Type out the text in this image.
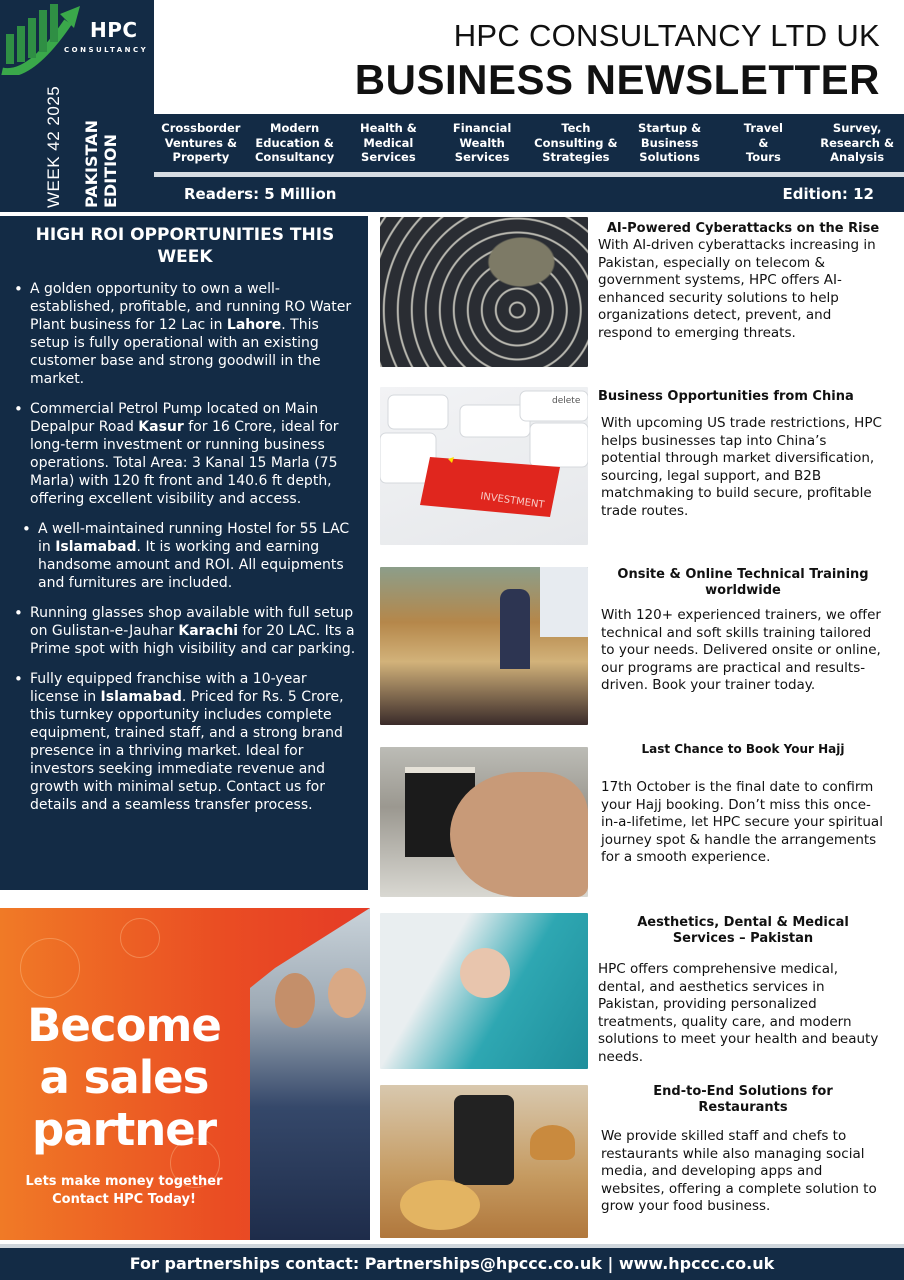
HPC
CONSULTANCY
WEEK 42 2025 PAKISTAN EDITION
HPC CONSULTANCY LTD UK
BUSINESS NEWSLETTER
Crossborder
Ventures &
Property
Modern
Education &
Consultancy
Health &
Medical
Services
Financial
Wealth
Services
Tech
Consulting &
Strategies
Startup &
Business
Solutions
Travel
&
Tours
Survey,
Research &
Analysis
Readers: 5 Million	Edition: 12
HIGH ROI OPPORTUNITIES THIS WEEK
• A golden opportunity to own a well-established, profitable, and running RO Water Plant business for 12 Lac in Lahore. This setup is fully operational with an existing customer base and strong goodwill in the market.
• Commercial Petrol Pump located on Main Depalpur Road Kasur for 16 Crore, ideal for long-term investment or running business operations. Total Area: 3 Kanal 15 Marla (75 Marla) with 120 ft front and 140.6 ft depth, offering excellent visibility and access.
• A well-maintained running Hostel for 55 LAC in Islamabad. It is working and earning handsome amount and ROI. All equipments and furnitures are included.
• Running glasses shop available with full setup on Gulistan-e-Jauhar Karachi for 20 LAC. Its a Prime spot with high visibility and car parking.
• Fully equipped franchise with a 10-year license in Islamabad. Priced for Rs. 5 Crore, this turnkey opportunity includes complete equipment, trained staff, and a strong brand presence in a thriving market. Ideal for investors seeking immediate revenue and growth with minimal setup. Contact us for details and a seamless transfer process.
Become
a sales
partner
Lets make money together
Contact HPC Today!
INVESTMENT
delete
AI-Powered Cyberattacks on the Rise
With AI-driven cyberattacks increasing in Pakistan, especially on telecom & government systems, HPC offers AI-enhanced security solutions to help organizations detect, prevent, and respond to emerging threats.
Business Opportunities from China
With upcoming US trade restrictions, HPC helps businesses tap into China’s potential through market diversification, sourcing, legal support, and B2B matchmaking to build secure, profitable trade routes.
Onsite & Online Technical Training worldwide
With 120+ experienced trainers, we offer technical and soft skills training tailored to your needs. Delivered onsite or online, our programs are practical and results-driven. Book your trainer today.
Last Chance to Book Your Hajj
17th October is the final date to confirm your Hajj booking. Don’t miss this once-in-a-lifetime, let HPC secure your spiritual journey spot & handle the arrangements for a smooth experience.
Aesthetics, Dental & Medical Services – Pakistan
HPC offers comprehensive medical, dental, and aesthetics services in Pakistan, providing personalized treatments, quality care, and modern solutions to meet your health and beauty needs.
End-to-End Solutions for Restaurants
We provide skilled staff and chefs to restaurants while also managing social media, and developing apps and websites, offering a complete solution to grow your food business.
For partnerships contact: Partnerships@hpccc.co.uk | www.hpccc.co.uk
